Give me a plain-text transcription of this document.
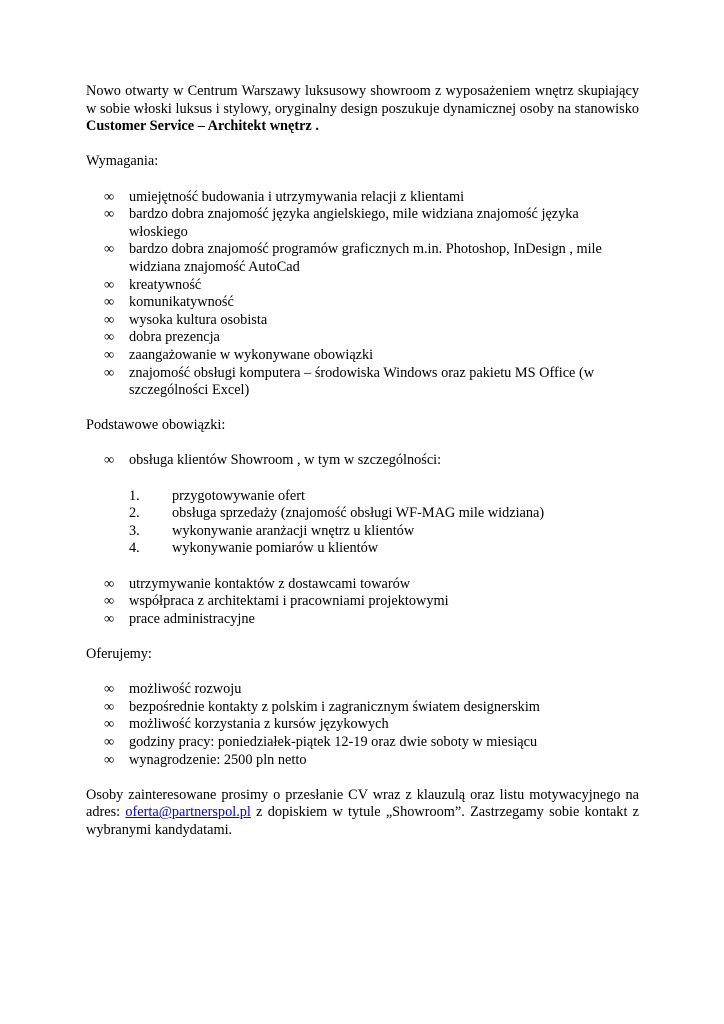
Nowo otwarty w Centrum Warszawy luksusowy showroom z wyposażeniem wnętrz skupiający w sobie włoski luksus i stylowy, oryginalny design poszukuje dynamicznej osoby na stanowisko Customer Service – Architekt wnętrz .

Wymagania:

∞	umiejętność budowania i utrzymywania relacji z klientami
∞	bardzo dobra znajomość języka angielskiego, mile widziana znajomość języka włoskiego
∞	bardzo dobra znajomość programów graficznych m.in. Photoshop, InDesign , mile widziana znajomość AutoCad
∞	kreatywność
∞	komunikatywność
∞	wysoka kultura osobista
∞	dobra prezencja
∞	zaangażowanie w wykonywane obowiązki
∞	znajomość obsługi komputera – środowiska Windows oraz pakietu MS Office (w szczególności Excel)

Podstawowe obowiązki:

∞	obsługa klientów Showroom , w tym w szczególności:
1. przygotowywanie ofert
2. obsługa sprzedaży (znajomość obsługi WF-MAG mile widziana)
3. wykonywanie aranżacji wnętrz u klientów
4. wykonywanie pomiarów u klientów
∞	utrzymywanie kontaktów z dostawcami towarów
∞	współpraca z architektami i pracowniami projektowymi
∞	prace administracyjne

Oferujemy:

∞	możliwość rozwoju
∞	bezpośrednie kontakty z polskim i zagranicznym światem designerskim
∞	możliwość korzystania z kursów językowych
∞	godziny pracy: poniedziałek-piątek 12-19 oraz dwie soboty w miesiącu
∞	wynagrodzenie: 2500 pln netto

Osoby zainteresowane prosimy o przesłanie CV wraz z klauzulą oraz listu motywacyjnego na adres: oferta@partnerspol.pl z dopiskiem w tytule „Showroom”. Zastrzegamy sobie kontakt z wybranymi kandydatami.
